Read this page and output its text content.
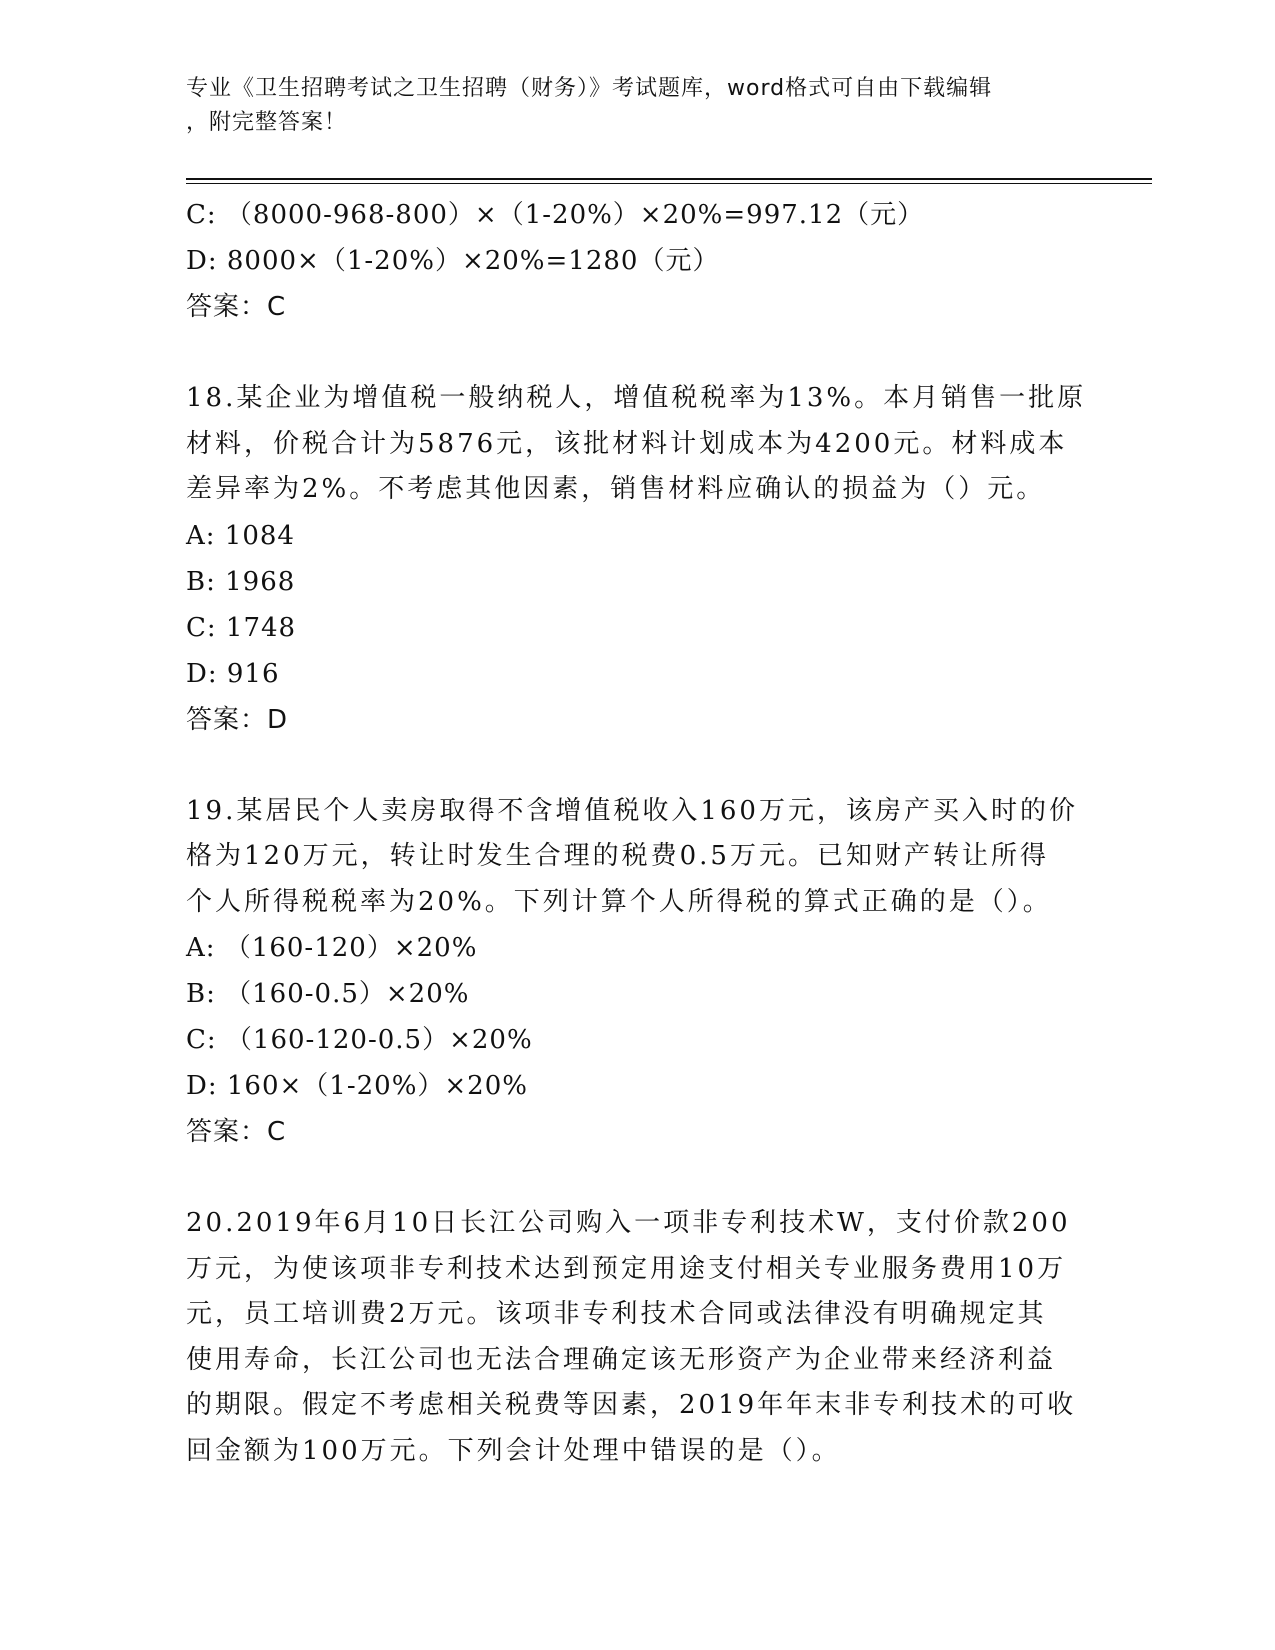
专业《卫生招聘考试之卫生招聘（财务）》考试题库，word格式可自由下载编辑
，附完整答案！
C: （8000-968-800）×（1-20%）×20%=997.12（元）
D: 8000×（1-20%）×20%=1280（元）
答案：C
18.某企业为增值税一般纳税人，增值税税率为13%。本月销售一批原
材料，价税合计为5876元，该批材料计划成本为4200元。材料成本
差异率为2%。不考虑其他因素，销售材料应确认的损益为（）元。
A: 1084
B: 1968
C: 1748
D: 916
答案：D
19.某居民个人卖房取得不含增值税收入160万元，该房产买入时的价
格为120万元，转让时发生合理的税费0.5万元。已知财产转让所得
个人所得税税率为20%。下列计算个人所得税的算式正确的是（）。
A: （160-120）×20%
B: （160-0.5）×20%
C: （160-120-0.5）×20%
D: 160×（1-20%）×20%
答案：C
20.2019年6月10日长江公司购入一项非专利技术W，支付价款200
万元，为使该项非专利技术达到预定用途支付相关专业服务费用10万
元，员工培训费2万元。该项非专利技术合同或法律没有明确规定其
使用寿命，长江公司也无法合理确定该无形资产为企业带来经济利益
的期限。假定不考虑相关税费等因素，2019年年末非专利技术的可收
回金额为100万元。下列会计处理中错误的是（）。
